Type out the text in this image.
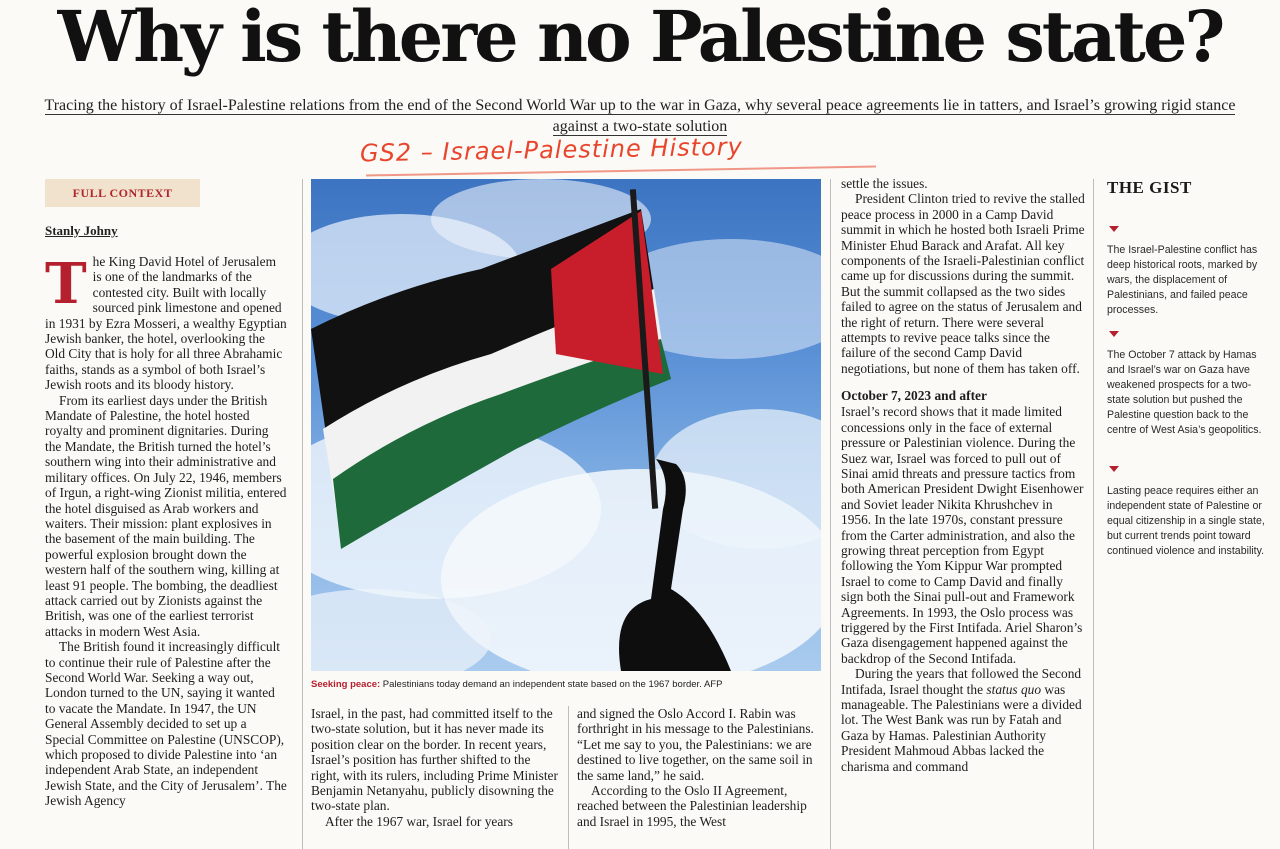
Why is there no Palestine state?
Tracing the history of Israel-Palestine relations from the end of the Second World War up to the war in Gaza, why several peace agreements lie in tatters, and Israel’s growing rigid stance against a two-state solution
GS2 – Israel-Palestine History
FULL CONTEXT
Stanly Johny
T he King David Hotel of Jerusalem is one of the landmarks of the contested city. Built with locally sourced pink limestone and opened in 1931 by Ezra Mosseri, a wealthy Egyptian Jewish banker, the hotel, overlooking the Old City that is holy for all three Abrahamic faiths, stands as a symbol of both Israel’s Jewish roots and its bloody history.

From its earliest days under the British Mandate of Palestine, the hotel hosted royalty and prominent dignitaries. During the Mandate, the British turned the hotel’s southern wing into their administrative and military offices. On July 22, 1946, members of Irgun, a right-wing Zionist militia, entered the hotel disguised as Arab workers and waiters. Their mission: plant explosives in the basement of the main building. The powerful explosion brought down the western half of the southern wing, killing at least 91 people. The bombing, the deadliest attack carried out by Zionists against the British, was one of the earliest terrorist attacks in modern West Asia.

The British found it increasingly difficult to continue their rule of Palestine after the Second World War. Seeking a way out, London turned to the UN, saying it wanted to vacate the Mandate. In 1947, the UN General Assembly decided to set up a Special Committee on Palestine (UNSCOP), which proposed to divide Palestine into ‘an independent Arab State, an independent Jewish State, and the City of Jerusalem’. The Jewish Agency

Seeking peace: Palestinians today demand an independent state based on the 1967 border. AFP

Israel, in the past, had committed itself to the two-state solution, but it has never made its position clear on the border. In recent years, Israel’s position has further shifted to the right, with its rulers, including Prime Minister Benjamin Netanyahu, publicly disowning the two-state plan.

After the 1967 war, Israel for years

and signed the Oslo Accord I. Rabin was forthright in his message to the Palestinians. “Let me say to you, the Palestinians: we are destined to live together, on the same soil in the same land,” he said.

According to the Oslo II Agreement, reached between the Palestinian leadership and Israel in 1995, the West

settle the issues.

President Clinton tried to revive the stalled peace process in 2000 in a Camp David summit in which he hosted both Israeli Prime Minister Ehud Barack and Arafat. All key components of the Israeli-Palestinian conflict came up for discussions during the summit. But the summit collapsed as the two sides failed to agree on the status of Jerusalem and the right of return. There were several attempts to revive peace talks since the failure of the second Camp David negotiations, but none of them has taken off.

October 7, 2023 and after

Israel’s record shows that it made limited concessions only in the face of external pressure or Palestinian violence. During the Suez war, Israel was forced to pull out of Sinai amid threats and pressure tactics from both American President Dwight Eisenhower and Soviet leader Nikita Khrushchev in 1956. In the late 1970s, constant pressure from the Carter administration, and also the growing threat perception from Egypt following the Yom Kippur War prompted Israel to come to Camp David and finally sign both the Sinai pull-out and Framework Agreements. In 1993, the Oslo process was triggered by the First Intifada. Ariel Sharon’s Gaza disengagement happened against the backdrop of the Second Intifada.

During the years that followed the Second Intifada, Israel thought the status quo was manageable. The Palestinians were a divided lot. The West Bank was run by Fatah and Gaza by Hamas. Palestinian Authority President Mahmoud Abbas lacked the charisma and command

THE GIST
The Israel-Palestine conflict has deep historical roots, marked by wars, the displacement of Palestinians, and failed peace processes.
The October 7 attack by Hamas and Israel’s war on Gaza have weakened prospects for a two-state solution but pushed the Palestine question back to the centre of West Asia’s geopolitics.
Lasting peace requires either an independent state of Palestine or equal citizenship in a single state, but current trends point toward continued violence and instability.
